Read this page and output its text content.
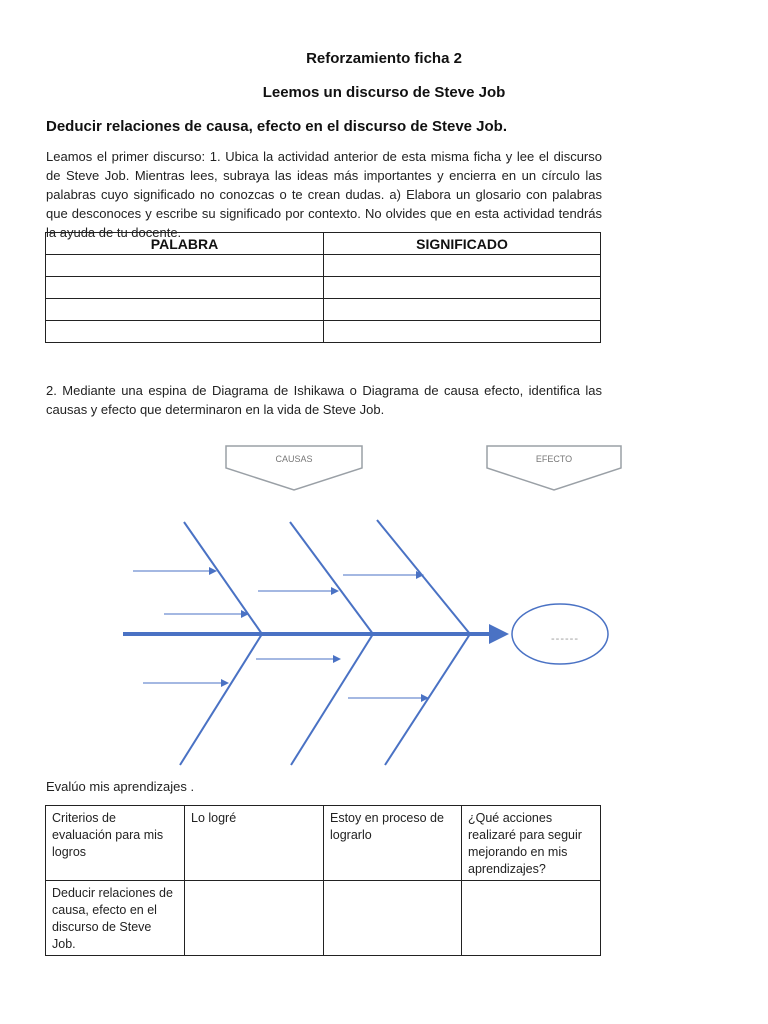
Reforzamiento ficha 2
Leemos un discurso de Steve Job
Deducir relaciones de causa, efecto en el discurso de Steve Job.
Leamos el primer discurso: 1. Ubica la actividad anterior de esta misma ficha y lee el discurso de Steve Job. Mientras lees, subraya las ideas más importantes y encierra en un círculo las palabras cuyo significado no conozcas o te crean dudas. a) Elabora un glosario con palabras que desconoces y escribe su significado por contexto. No olvides que en esta actividad tendrás la ayuda de tu docente.
PALABRA	SIGNIFICADO

2. Mediante una espina de Diagrama de Ishikawa o Diagrama de causa efecto, identifica las causas y efecto que determinaron en la vida de Steve Job.
CAUSAS	EFECTO
------
Evalúo mis aprendizajes .
Criterios de evaluación para mis logros	Lo logré	Estoy en proceso de lograrlo	¿Qué acciones realizaré para seguir mejorando en mis aprendizajes?
Deducir relaciones de causa, efecto en el discurso de Steve Job.			
